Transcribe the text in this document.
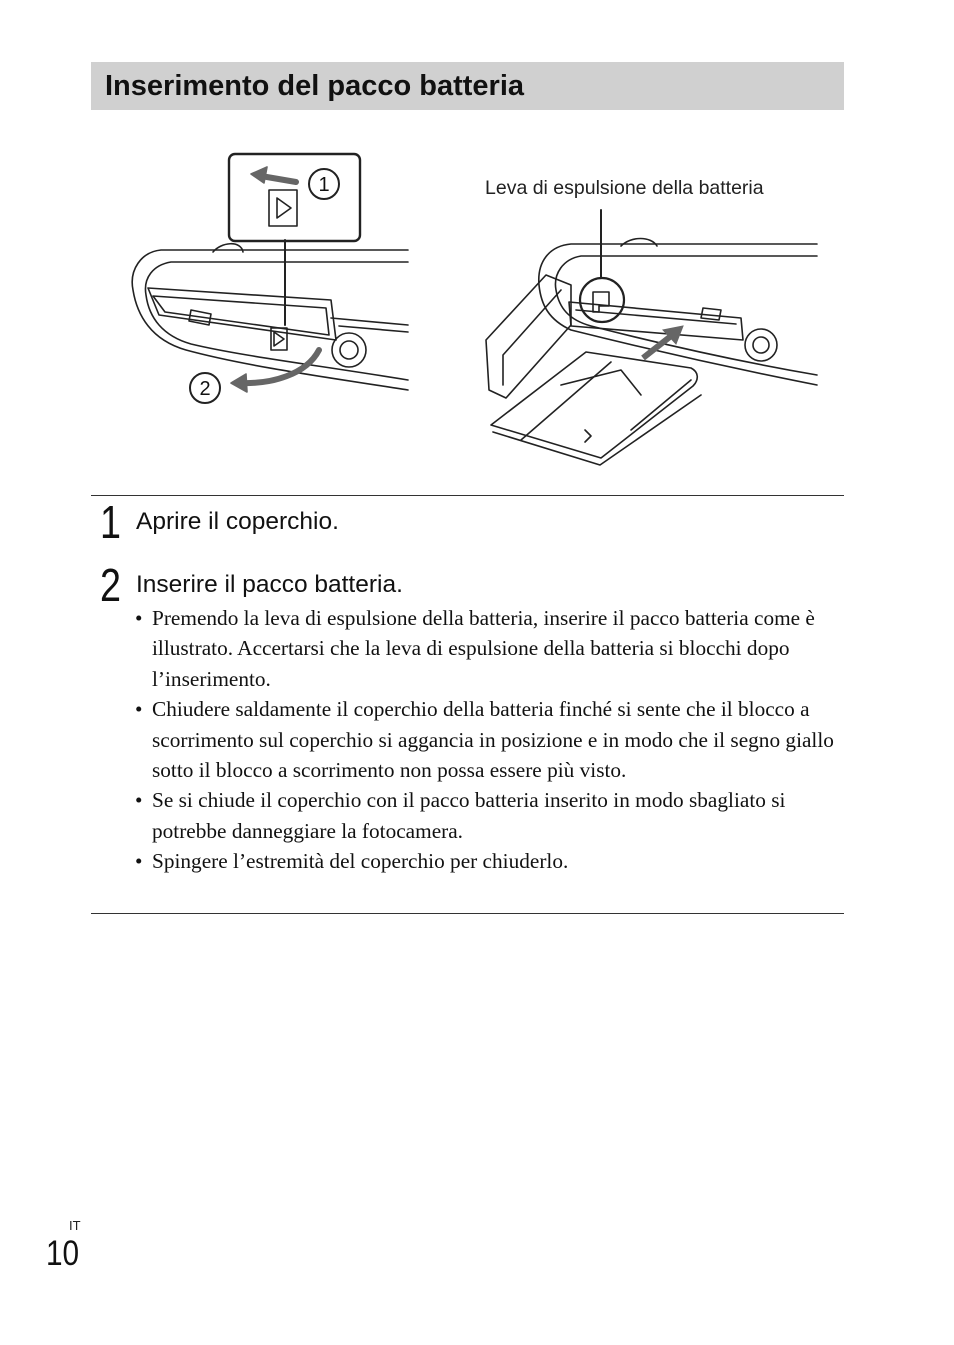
Inserimento del pacco batteria
1
2
Leva di espulsione della batteria
1 Aprire il coperchio.
2 Inserire il pacco batteria.
• Premendo la leva di espulsione della batteria, inserire il pacco batteria come è illustrato. Accertarsi che la leva di espulsione della batteria si blocchi dopo l’inserimento.
• Chiudere saldamente il coperchio della batteria finché si sente che il blocco a scorrimento sul coperchio si aggancia in posizione e in modo che il segno giallo sotto il blocco a scorrimento non possa essere più visto.
• Se si chiude il coperchio con il pacco batteria inserito in modo sbagliato si potrebbe danneggiare la fotocamera.
• Spingere l’estremità del coperchio per chiuderlo.
IT
10
